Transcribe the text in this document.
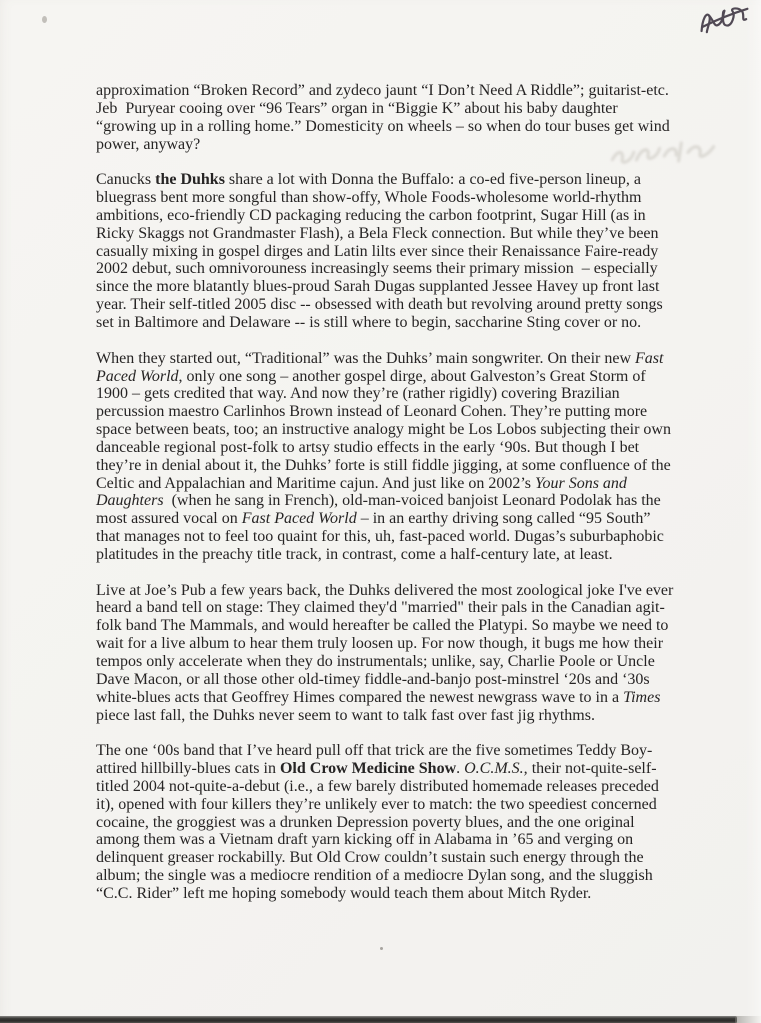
approximation “Broken Record” and zydeco jaunt “I Don’t Need A Riddle”; guitarist-etc. Jeb  Puryear cooing over “96 Tears” organ in “Biggie K” about his baby daughter “growing up in a rolling home.” Domesticity on wheels – so when do tour buses get wind power, anyway?

Canucks the Duhks share a lot with Donna the Buffalo: a co-ed five-person lineup, a bluegrass bent more songful than show-offy, Whole Foods-wholesome world-rhythm ambitions, eco-friendly CD packaging reducing the carbon footprint, Sugar Hill (as in Ricky Skaggs not Grandmaster Flash), a Bela Fleck connection. But while they’ve been casually mixing in gospel dirges and Latin lilts ever since their Renaissance Faire-ready 2002 debut, such omnivorouness increasingly seems their primary mission  – especially since the more blatantly blues-proud Sarah Dugas supplanted Jessee Havey up front last year. Their self-titled 2005 disc -- obsessed with death but revolving around pretty songs set in Baltimore and Delaware -- is still where to begin, saccharine Sting cover or no.

When they started out, “Traditional” was the Duhks’ main songwriter. On their new Fast Paced World, only one song – another gospel dirge, about Galveston’s Great Storm of 1900 – gets credited that way. And now they’re (rather rigidly) covering Brazilian percussion maestro Carlinhos Brown instead of Leonard Cohen. They’re putting more space between beats, too; an instructive analogy might be Los Lobos subjecting their own danceable regional post-folk to artsy studio effects in the early ‘90s. But though I bet they’re in denial about it, the Duhks’ forte is still fiddle jigging, at some confluence of the Celtic and Appalachian and Maritime cajun. And just like on 2002’s Your Sons and Daughters  (when he sang in French), old-man-voiced banjoist Leonard Podolak has the most assured vocal on Fast Paced World – in an earthy driving song called “95 South” that manages not to feel too quaint for this, uh, fast-paced world. Dugas’s suburbaphobic platitudes in the preachy title track, in contrast, come a half-century late, at least.

Live at Joe’s Pub a few years back, the Duhks delivered the most zoological joke I've ever heard a band tell on stage: They claimed they'd "married" their pals in the Canadian agit-folk band The Mammals, and would hereafter be called the Platypi. So maybe we need to wait for a live album to hear them truly loosen up. For now though, it bugs me how their tempos only accelerate when they do instrumentals; unlike, say, Charlie Poole or Uncle Dave Macon, or all those other old-timey fiddle-and-banjo post-minstrel ‘20s and ‘30s white-blues acts that Geoffrey Himes compared the newest newgrass wave to in a Times piece last fall, the Duhks never seem to want to talk fast over fast jig rhythms.

The one ‘00s band that I’ve heard pull off that trick are the five sometimes Teddy Boy-attired hillbilly-blues cats in Old Crow Medicine Show. O.C.M.S., their not-quite-self-titled 2004 not-quite-a-debut (i.e., a few barely distributed homemade releases preceded it), opened with four killers they’re unlikely ever to match: the two speediest concerned cocaine, the groggiest was a drunken Depression poverty blues, and the one original among them was a Vietnam draft yarn kicking off in Alabama in ’65 and verging on delinquent greaser rockabilly. But Old Crow couldn’t sustain such energy through the album; the single was a mediocre rendition of a mediocre Dylan song, and the sluggish “C.C. Rider” left me hoping somebody would teach them about Mitch Ryder.
